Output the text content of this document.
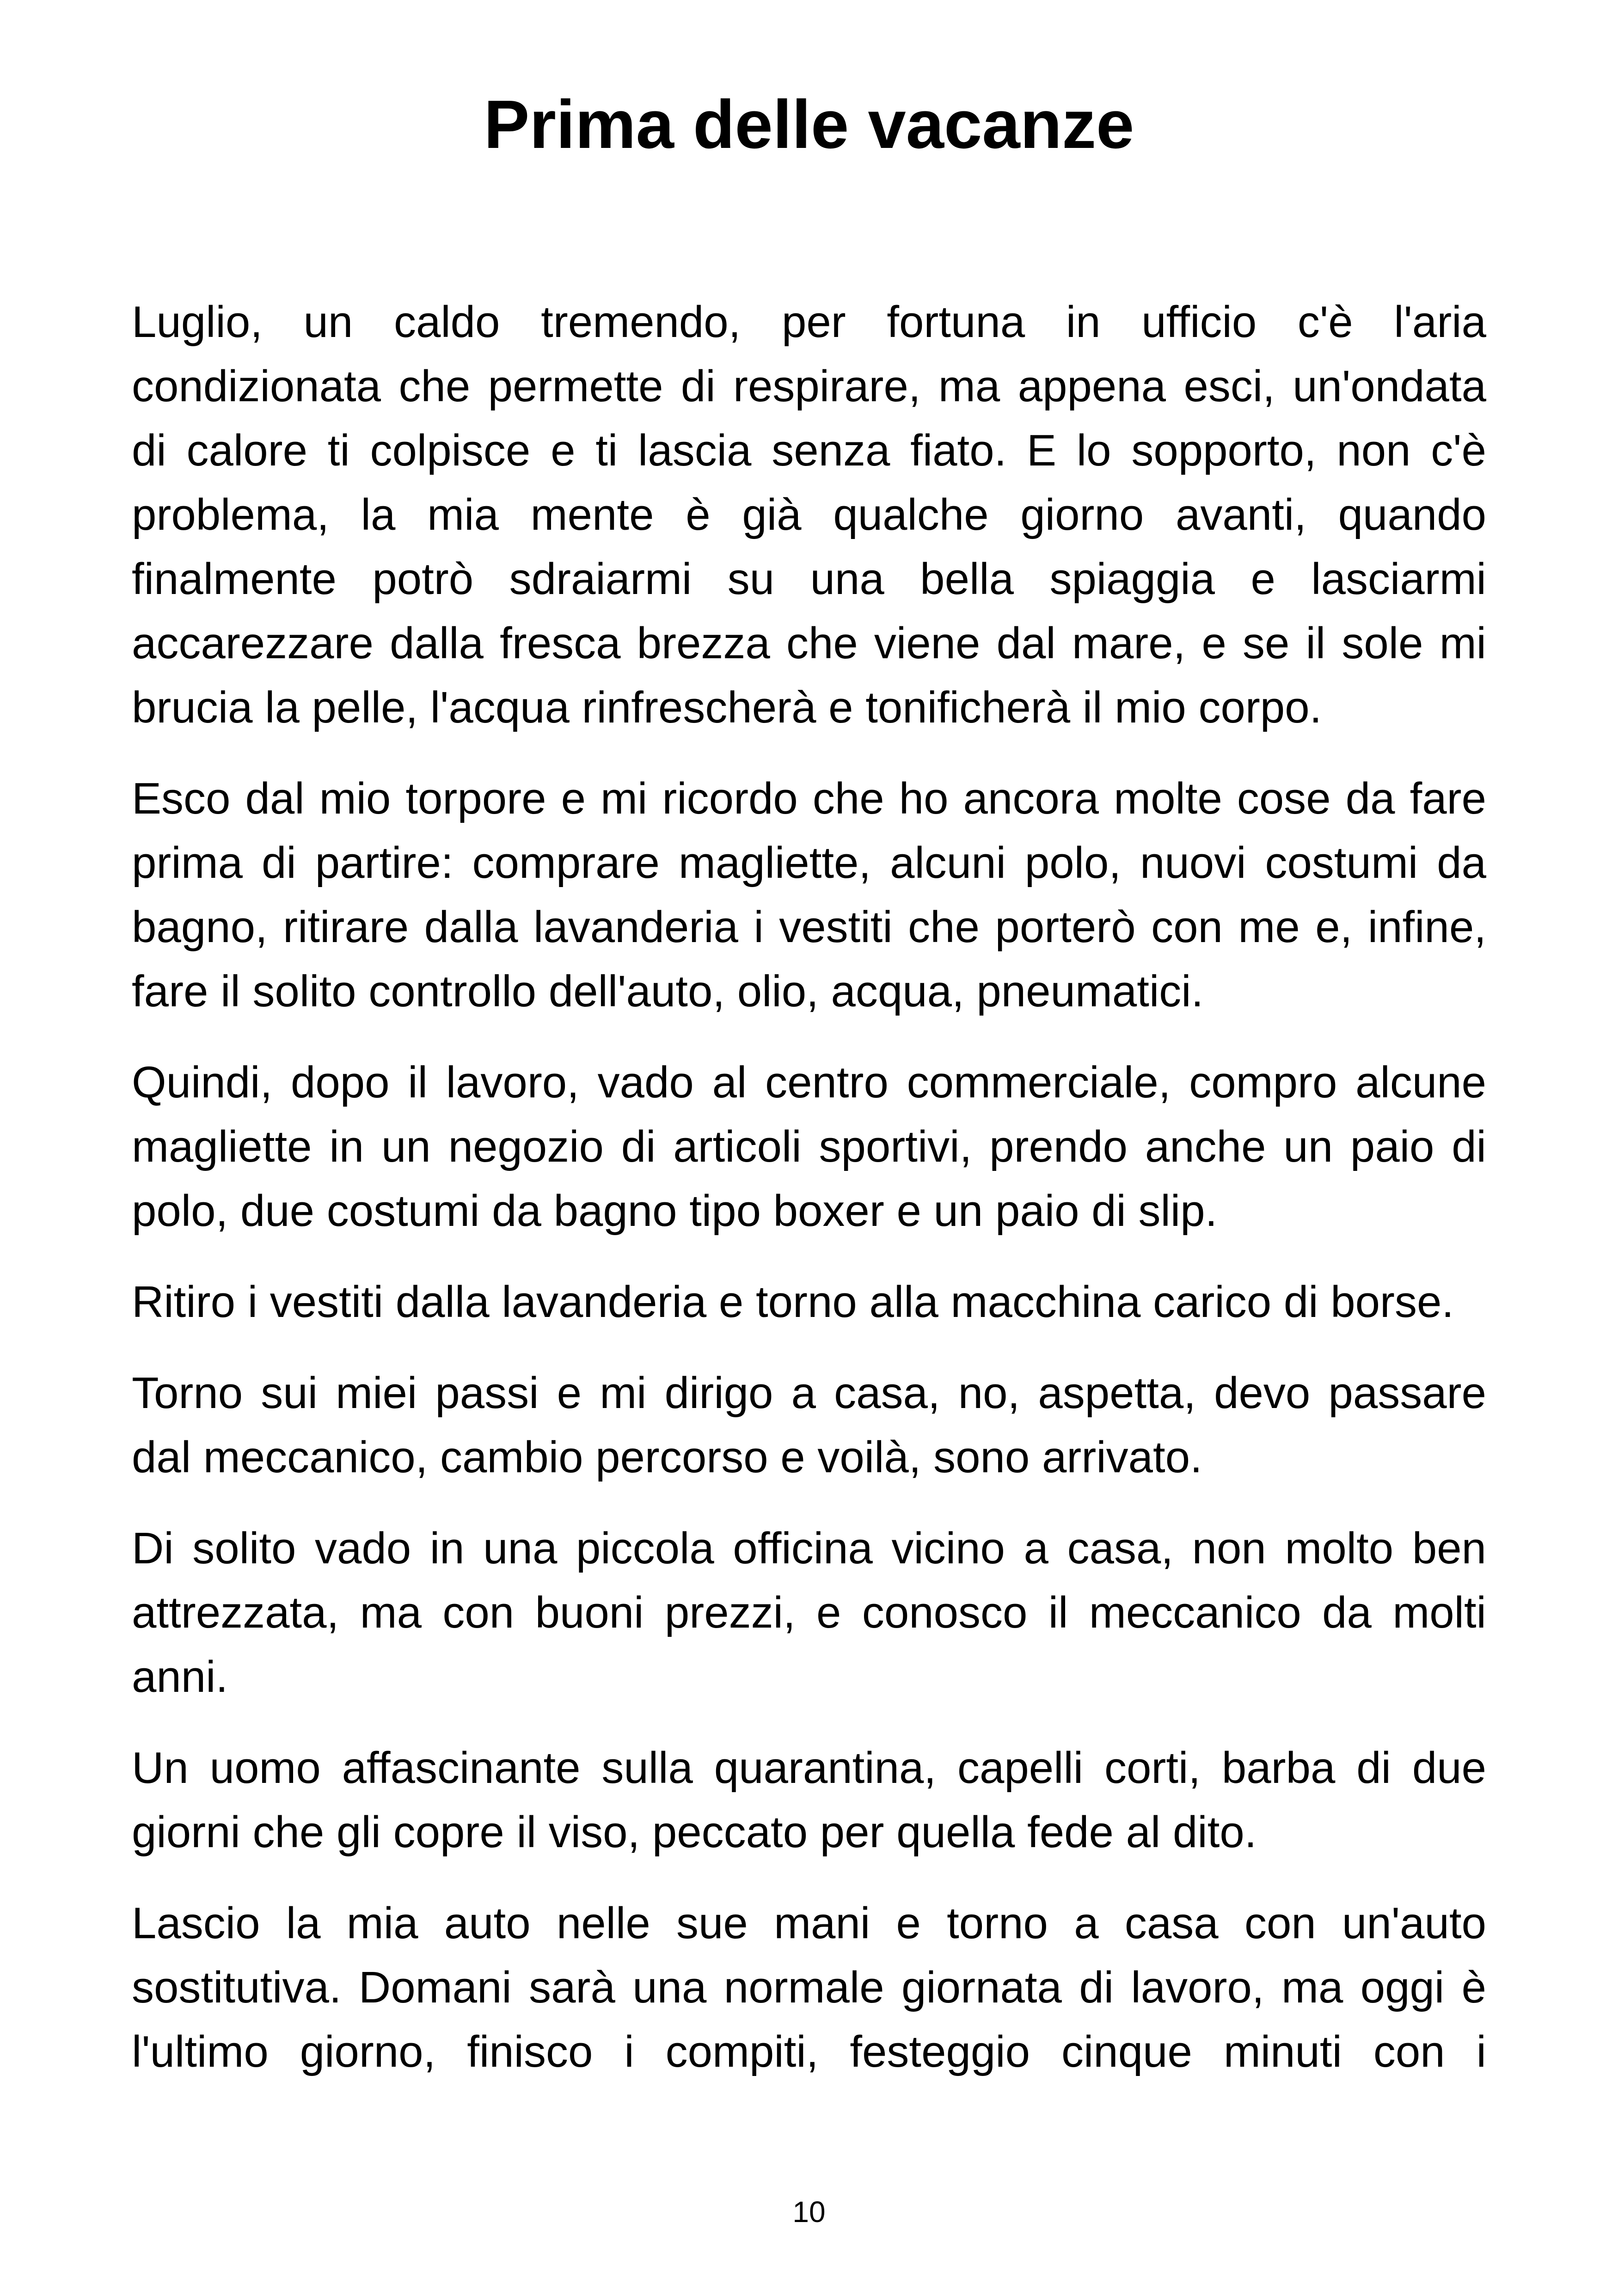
Prima delle vacanze

Luglio, un caldo tremendo, per fortuna in ufficio c'è l'aria condizionata che permette di respirare, ma appena esci, un'ondata di calore ti colpisce e ti lascia senza fiato. E lo sopporto, non c'è problema, la mia mente è già qualche giorno avanti, quando finalmente potrò sdraiarmi su una bella spiaggia e lasciarmi accarezzare dalla fresca brezza che viene dal mare, e se il sole mi brucia la pelle, l'acqua rinfrescherà e tonificherà il mio corpo.

Esco dal mio torpore e mi ricordo che ho ancora molte cose da fare prima di partire: comprare magliette, alcuni polo, nuovi costumi da bagno, ritirare dalla lavanderia i vestiti che porterò con me e, infine, fare il solito controllo dell'auto, olio, acqua, pneumatici.

Quindi, dopo il lavoro, vado al centro commerciale, compro alcune magliette in un negozio di articoli sportivi, prendo anche un paio di polo, due costumi da bagno tipo boxer e un paio di slip.

Ritiro i vestiti dalla lavanderia e torno alla macchina carico di borse.

Torno sui miei passi e mi dirigo a casa, no, aspetta, devo passare dal meccanico, cambio percorso e voilà, sono arrivato.

Di solito vado in una piccola officina vicino a casa, non molto ben attrezzata, ma con buoni prezzi, e conosco il meccanico da molti anni.

Un uomo affascinante sulla quarantina, capelli corti, barba di due giorni che gli copre il viso, peccato per quella fede al dito.

Lascio la mia auto nelle sue mani e torno a casa con un'auto sostitutiva. Domani sarà una normale giornata di lavoro, ma oggi è l'ultimo giorno, finisco i compiti, festeggio cinque minuti con i

10
